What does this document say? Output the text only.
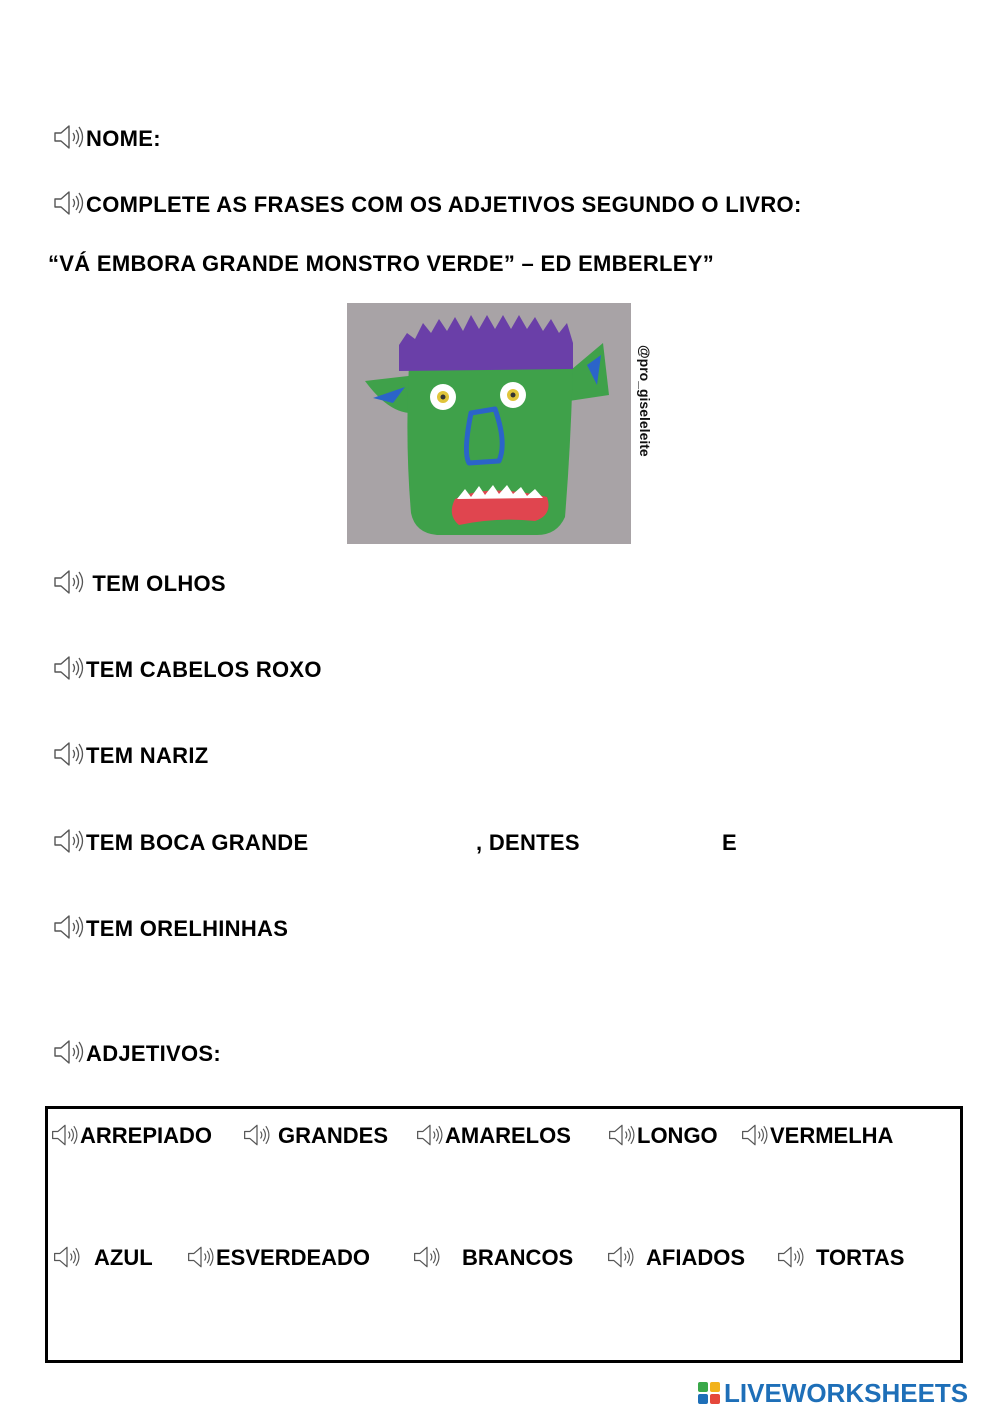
NOME:
COMPLETE AS FRASES COM OS ADJETIVOS SEGUNDO O LIVRO:
“VÁ EMBORA GRANDE MONSTRO VERDE” – ED EMBERLEY”
@pro_giseleleite
TEM OLHOS
TEM CABELOS ROXO
TEM NARIZ
TEM BOCA GRANDE	, DENTES	E
TEM ORELHINHAS
ADJETIVOS:
ARREPIADO	GRANDES	AMARELOS	LONGO VERMELHA
AZUL	ESVERDEADO	BRANCOS	AFIADOS	TORTAS
LIVEWORKSHEETS
